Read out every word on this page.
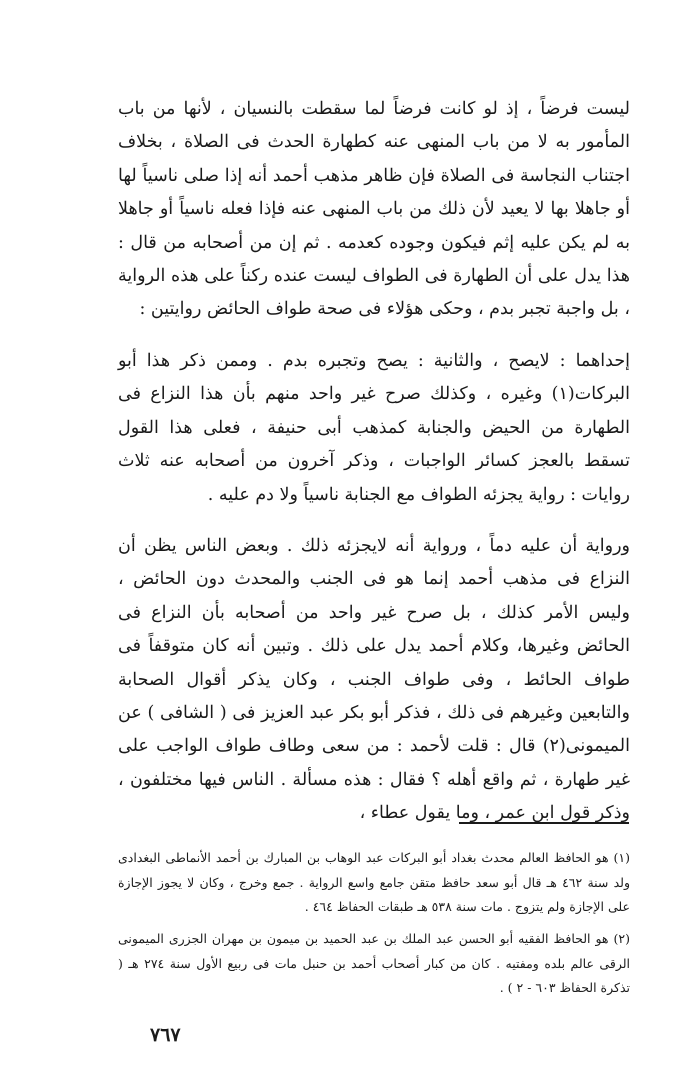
ليست فرضاً ، إذ لو كانت فرضاً لما سقطت بالنسيان ، لأنها من باب المأمور به لا من باب المنهى عنه كطهارة الحدث فى الصلاة ، بخلاف اجتناب النجاسة فى الصلاة فإن ظاهر مذهب أحمد أنه إذا صلى ناسياً لها أو جاهلا بها لا يعيد لأن ذلك من باب المنهى عنه فإذا فعله ناسياً أو جاهلا به لم يكن عليه إثم فيكون وجوده كعدمه . ثم إن من أصحابه من قال : هذا يدل على أن الطهارة فى الطواف ليست عنده ركناً على هذه الرواية ، بل واجبة تجبر بدم ، وحكى هؤلاء فى صحة طواف الحائض روايتين :

إحداهما : لايصح ، والثانية : يصح وتجبره بدم . وممن ذكر هذا أبو البركات(١) وغيره ، وكذلك صرح غير واحد منهم بأن هذا النزاع فى الطهارة من الحيض والجنابة كمذهب أبى حنيفة ، فعلى هذا القول تسقط بالعجز كسائر الواجبات ، وذكر آخرون من أصحابه عنه ثلاث روايات : رواية يجزئه الطواف مع الجنابة ناسياً ولا دم عليه .

ورواية أن عليه دماً ، ورواية أنه لايجزئه ذلك . وبعض الناس يظن أن النزاع فى مذهب أحمد إنما هو فى الجنب والمحدث دون الحائض ، وليس الأمر كذلك ، بل صرح غير واحد من أصحابه بأن النزاع فى الحائض وغيرها، وكلام أحمد يدل على ذلك . وتبين أنه كان متوقفاً فى طواف الحائط ، وفى طواف الجنب ، وكان يذكر أقوال الصحابة والتابعين وغيرهم فى ذلك ، فذكر أبو بكر عبد العزيز فى ( الشافى ) عن الميمونى(٢) قال : قلت لأحمد : من سعى وطاف طواف الواجب على غير طهارة ، ثم واقع أهله ؟ فقال : هذه مسألة . الناس فيها مختلفون ، وذكر قول ابن عمر ، وما يقول عطاء ،

(١) هو الحافظ العالم محدث بغداد أبو البركات عبد الوهاب بن المبارك بن أحمد الأنماطى البغدادى ولد سنة ٤٦٢ هـ قال أبو سعد حافظ متقن جامع واسع الرواية . جمع وخرج ، وكان لا يجوز الإجازة على الإجازة ولم يتزوج . مات سنة ٥٣٨ هـ طبقات الحفاظ ٤٦٤ .

(٢) هو الحافظ الفقيه أبو الحسن عبد الملك بن عبد الحميد بن ميمون بن مهران الجزرى الميمونى الرقى عالم بلده ومفتيه . كان من كبار أصحاب أحمد بن حنبل مات فى ربيع الأول سنة ٢٧٤ هـ ( تذكرة الحفاظ ٦٠٣ - ٢ ) .

٧٦٧
